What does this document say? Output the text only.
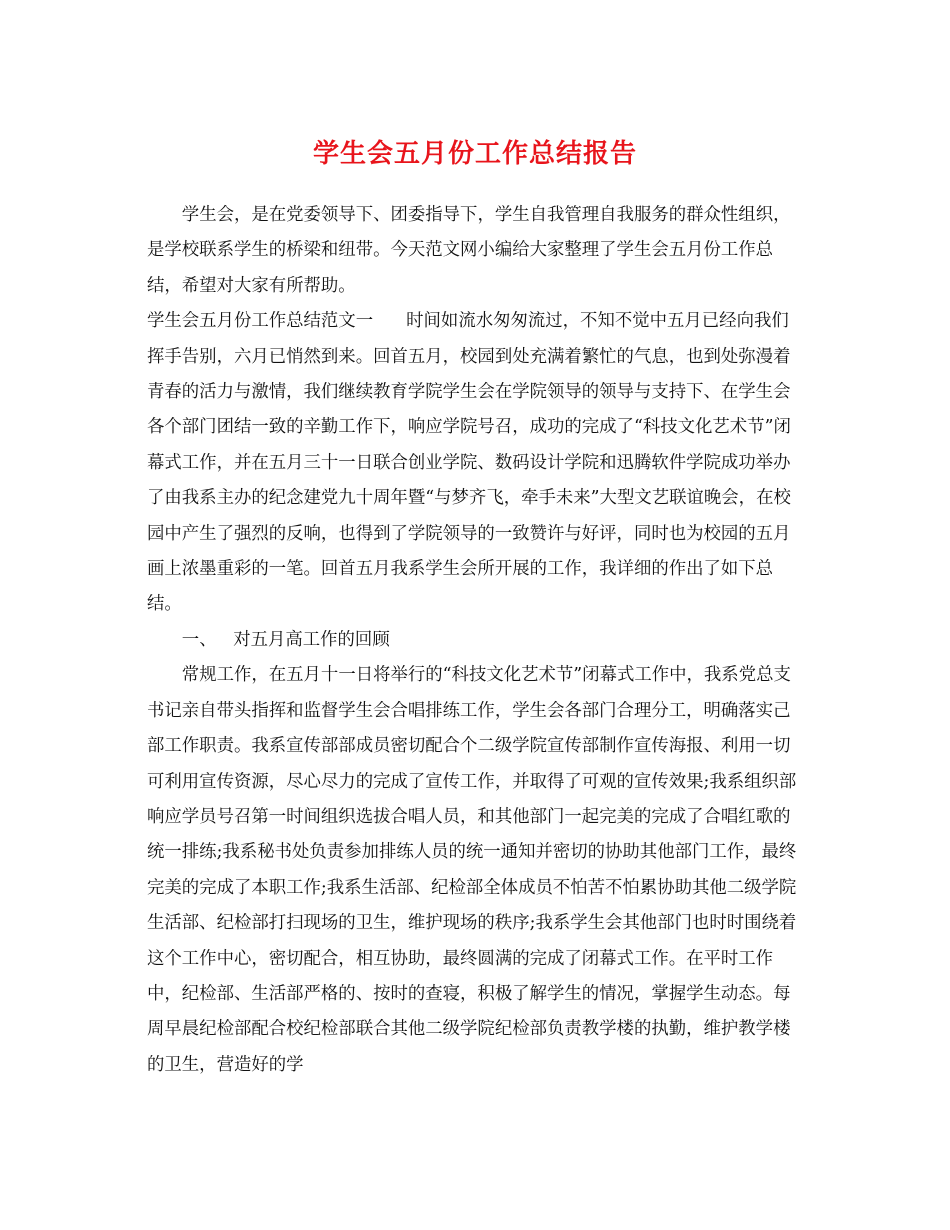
学生会五月份工作总结报告

学生会，是在党委领导下、团委指导下，学生自我管理自我服务的群众性组织，是学校联系学生的桥梁和纽带。今天范文网小编给大家整理了学生会五月份工作总结，希望对大家有所帮助。

学生会五月份工作总结范文一 时间如流水匆匆流过，不知不觉中五月已经向我们挥手告别，六月已悄然到来。回首五月，校园到处充满着繁忙的气息，也到处弥漫着青春的活力与激情，我们继续教育学院学生会在学院领导的领导与支持下、在学生会各个部门团结一致的辛勤工作下，响应学院号召，成功的完成了“科技文化艺术节”闭幕式工作，并在五月三十一日联合创业学院、数码设计学院和迅腾软件学院成功举办了由我系主办的纪念建党九十周年暨“与梦齐飞，牵手未来”大型文艺联谊晚会，在校园中产生了强烈的反响，也得到了学院领导的一致赞许与好评，同时也为校园的五月画上浓墨重彩的一笔。回首五月我系学生会所开展的工作，我详细的作出了如下总结。

一、 对五月高工作的回顾

常规工作，在五月十一日将举行的“科技文化艺术节”闭幕式工作中，我系党总支书记亲自带头指挥和监督学生会合唱排练工作，学生会各部门合理分工，明确落实己部工作职责。我系宣传部部成员密切配合个二级学院宣传部制作宣传海报、利用一切可利用宣传资源，尽心尽力的完成了宣传工作，并取得了可观的宣传效果;我系组织部响应学员号召第一时间组织选拔合唱人员，和其他部门一起完美的完成了合唱红歌的统一排练;我系秘书处负责参加排练人员的统一通知并密切的协助其他部门工作，最终完美的完成了本职工作;我系生活部、纪检部全体成员不怕苦不怕累协助其他二级学院生活部、纪检部打扫现场的卫生，维护现场的秩序;我系学生会其他部门也时时围绕着这个工作中心，密切配合，相互协助，最终圆满的完成了闭幕式工作。在平时工作中，纪检部、生活部严格的、按时的查寝，积极了解学生的情况，掌握学生动态。每周早晨纪检部配合校纪检部联合其他二级学院纪检部负责教学楼的执勤，维护教学楼的卫生，营造好的学
